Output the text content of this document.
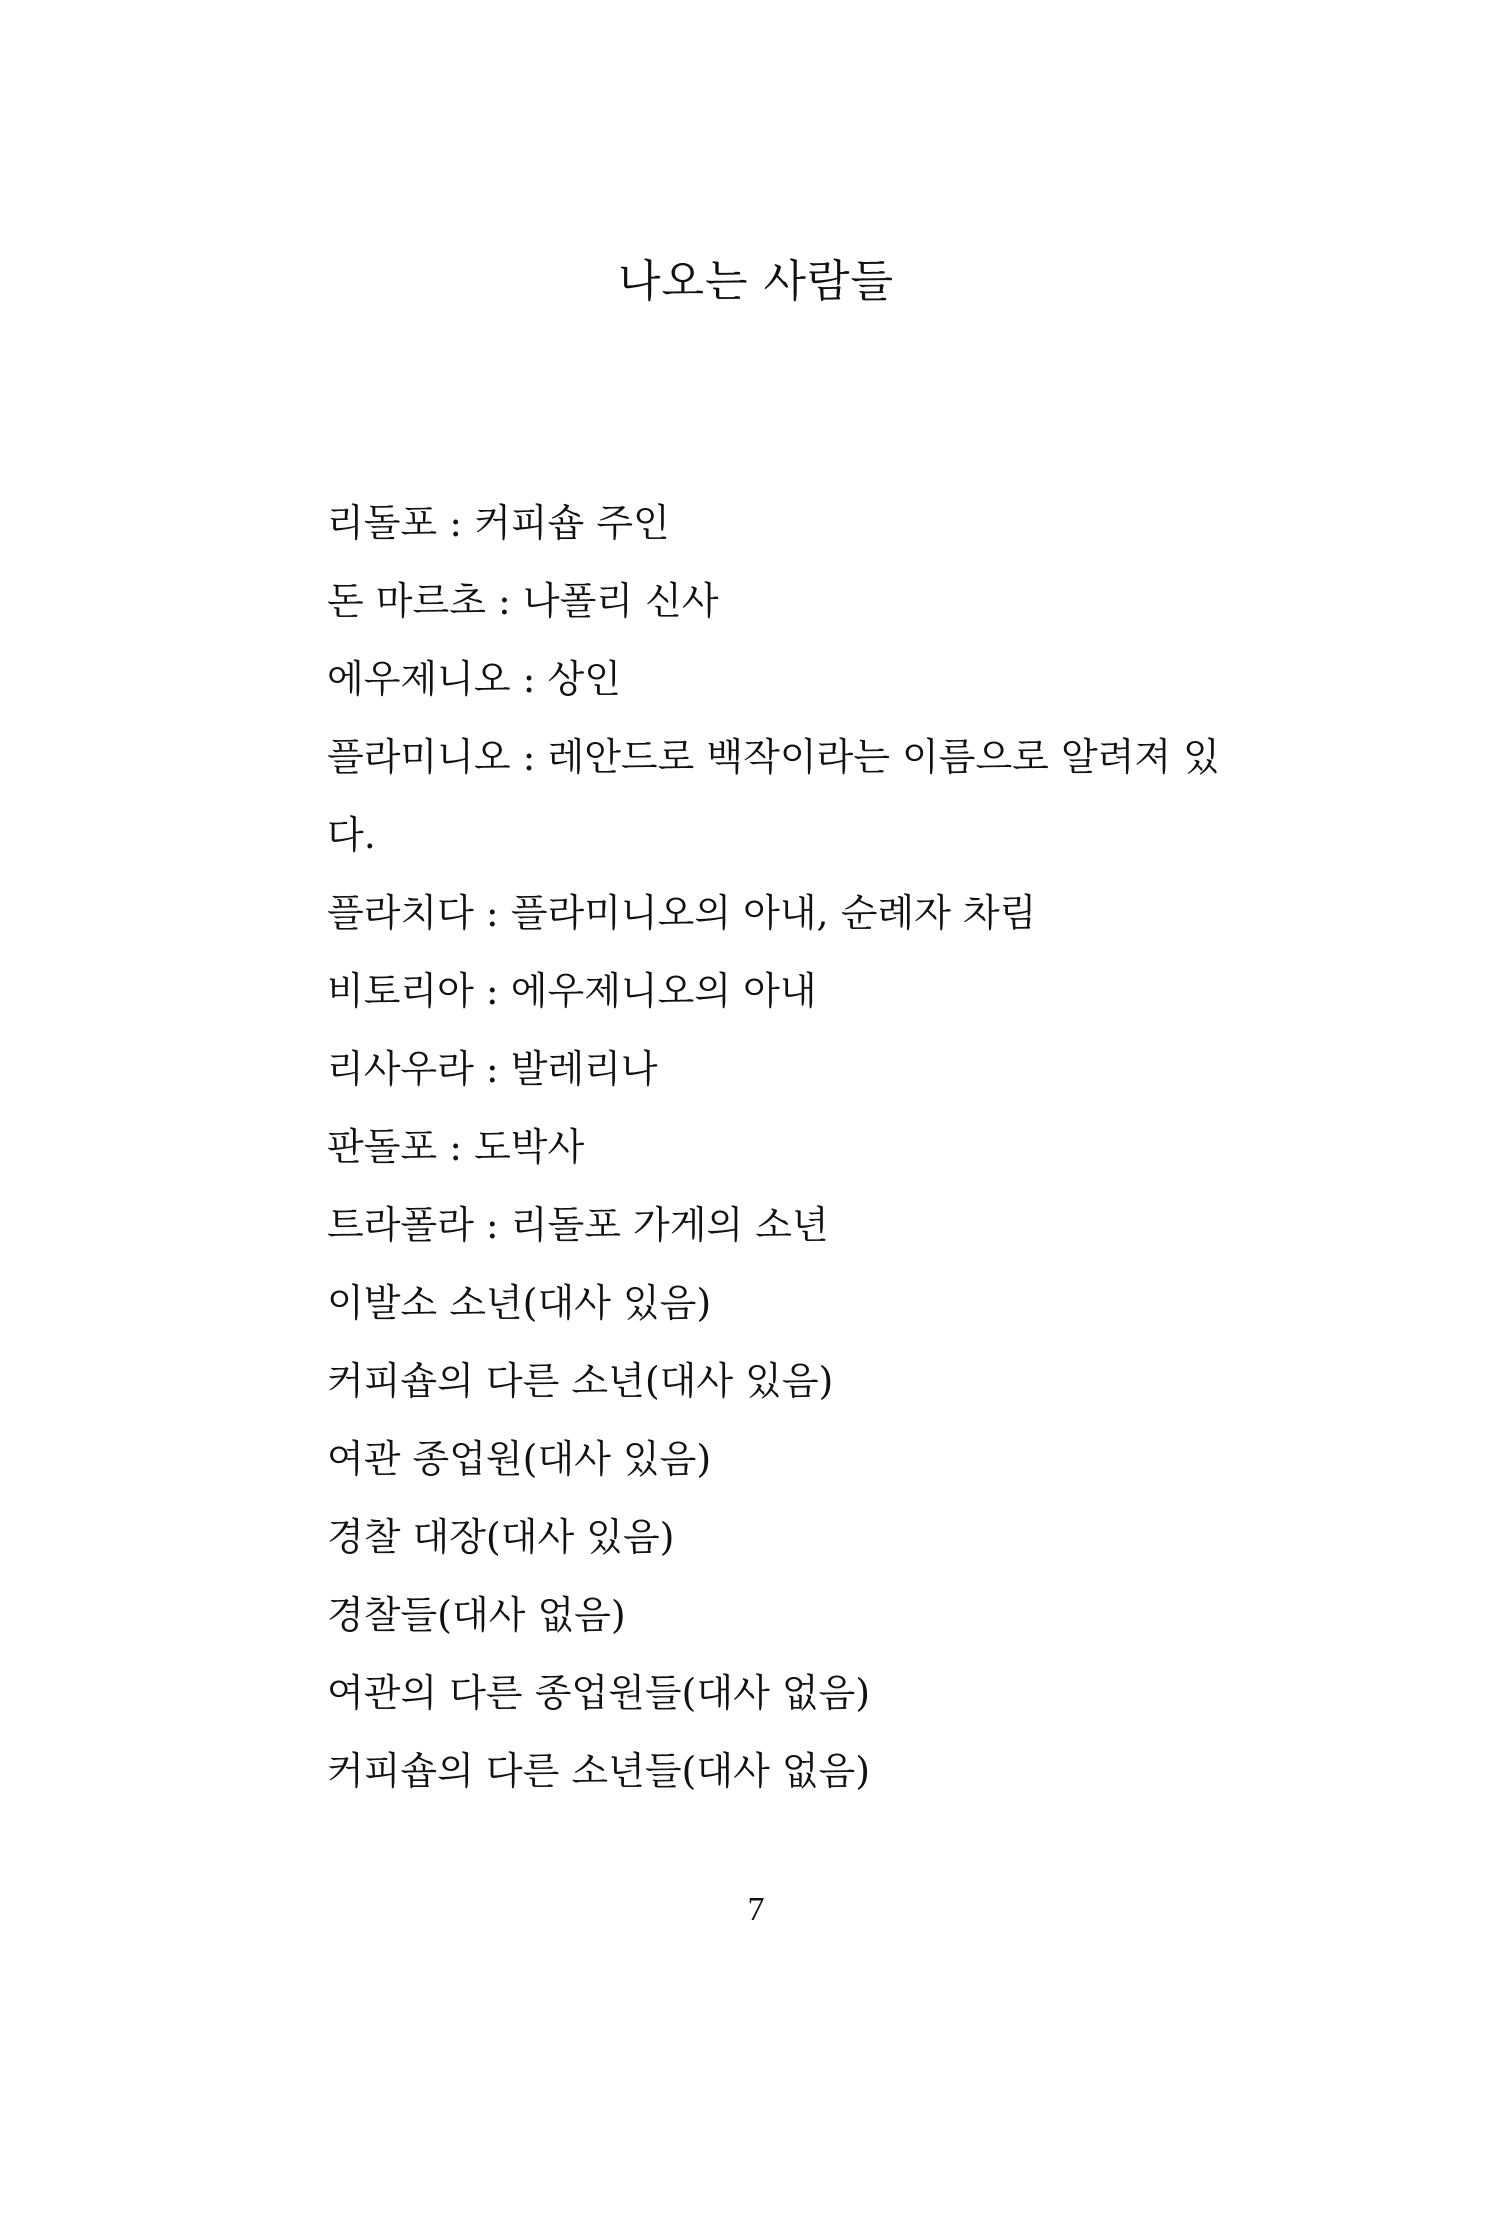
나오는 사람들
리돌포 : 커피숍 주인
돈 마르초 : 나폴리 신사
에우제니오 : 상인
플라미니오 : 레안드로 백작이라는 이름으로 알려져 있
다.
플라치다 : 플라미니오의 아내, 순례자 차림
비토리아 : 에우제니오의 아내
리사우라 : 발레리나
판돌포 : 도박사
트라폴라 : 리돌포 가게의 소년
이발소 소년(대사 있음)
커피숍의 다른 소년(대사 있음)
여관 종업원(대사 있음)
경찰 대장(대사 있음)
경찰들(대사 없음)
여관의 다른 종업원들(대사 없음)
커피숍의 다른 소년들(대사 없음)
7
